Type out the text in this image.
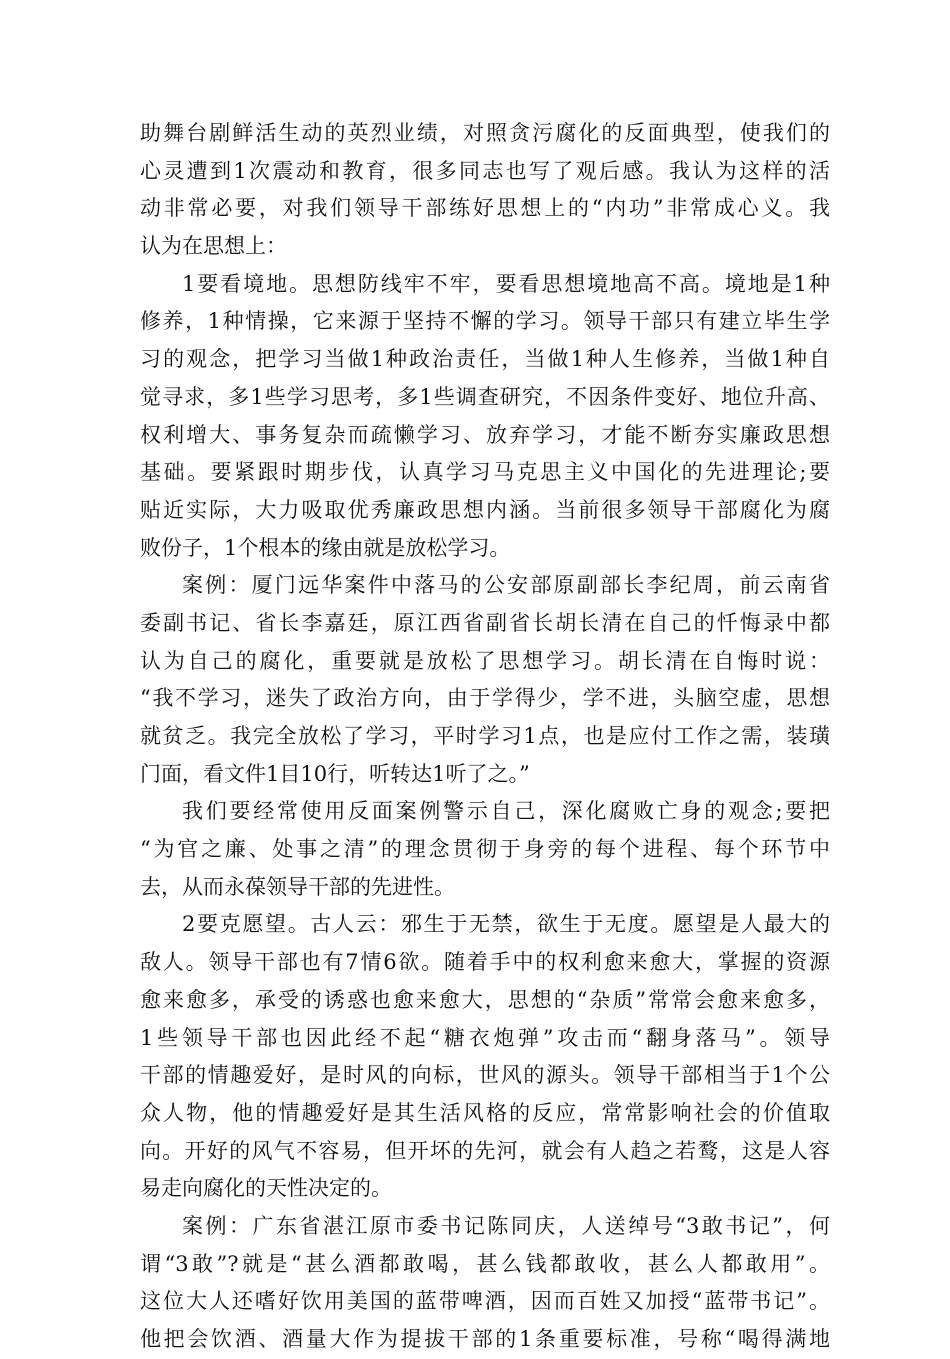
助舞台剧鲜活生动的英烈业绩，对照贪污腐化的反面典型，使我们的
心灵遭到1次震动和教育，很多同志也写了观后感。我认为这样的活
动非常必要，对我们领导干部练好思想上的“内功”非常成心义。我
认为在思想上：
1要看境地。思想防线牢不牢，要看思想境地高不高。境地是1种
修养，1种情操，它来源于坚持不懈的学习。领导干部只有建立毕生学
习的观念，把学习当做1种政治责任，当做1种人生修养，当做1种自
觉寻求，多1些学习思考，多1些调查研究，不因条件变好、地位升高、
权利增大、事务复杂而疏懒学习、放弃学习，才能不断夯实廉政思想
基础。要紧跟时期步伐，认真学习马克思主义中国化的先进理论;要
贴近实际，大力吸取优秀廉政思想内涵。当前很多领导干部腐化为腐
败份子，1个根本的缘由就是放松学习。
案例：厦门远华案件中落马的公安部原副部长李纪周，前云南省
委副书记、省长李嘉廷，原江西省副省长胡长清在自己的忏悔录中都
认为自己的腐化，重要就是放松了思想学习。胡长清在自悔时说：
“我不学习，迷失了政治方向，由于学得少，学不进，头脑空虚，思想
就贫乏。我完全放松了学习，平时学习1点，也是应付工作之需，装璜
门面，看文件1目10行，听转达1听了之。”
我们要经常使用反面案例警示自己，深化腐败亡身的观念;要把
“为官之廉、处事之清”的理念贯彻于身旁的每个进程、每个环节中
去，从而永葆领导干部的先进性。
2要克愿望。古人云：邪生于无禁，欲生于无度。愿望是人最大的
敌人。领导干部也有7情6欲。随着手中的权利愈来愈大，掌握的资源
愈来愈多，承受的诱惑也愈来愈大，思想的“杂质”常常会愈来愈多，
1些领导干部也因此经不起“糖衣炮弹”攻击而“翻身落马”。领导
干部的情趣爱好，是时风的向标，世风的源头。领导干部相当于1个公
众人物，他的情趣爱好是其生活风格的反应，常常影响社会的价值取
向。开好的风气不容易，但开坏的先河，就会有人趋之若鹜，这是人容
易走向腐化的天性决定的。
案例：广东省湛江原市委书记陈同庆，人送绰号“3敢书记”，何
谓“3敢”?就是“甚么酒都敢喝，甚么钱都敢收，甚么人都敢用”。
这位大人还嗜好饮用美国的蓝带啤酒，因而百姓又加授“蓝带书记”。
他把会饮酒、酒量大作为提拔干部的1条重要标准，号称“喝得满地
